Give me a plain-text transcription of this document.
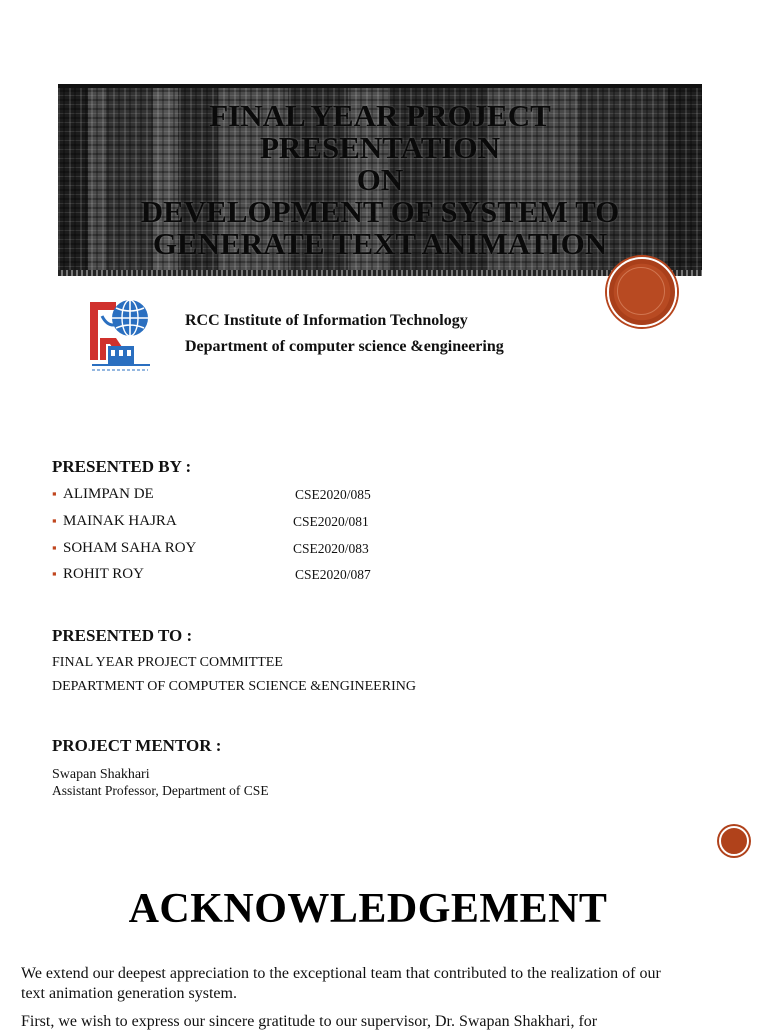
FINAL YEAR PROJECT
PRESENTATION
ON
DEVELOPMENT OF SYSTEM TO
GENERATE TEXT ANIMATION
RCC Institute of Information Technology
Department of computer science &engineering
PRESENTED BY :
▪ ALIMPAN DE	CSE2020/085
▪ MAINAK HAJRA	CSE2020/081
▪ SOHAM SAHA ROY	CSE2020/083
▪ ROHIT ROY	CSE2020/087
PRESENTED TO :
FINAL YEAR PROJECT COMMITTEE
DEPARTMENT OF COMPUTER SCIENCE &ENGINEERING
PROJECT MENTOR :
Swapan Shakhari
Assistant Professor, Department of CSE
ACKNOWLEDGEMENT
We extend our deepest appreciation to the exceptional team that contributed to the realization of our text animation generation system.
First, we wish to express our sincere gratitude to our supervisor, Dr. Swapan Shakhari, for
